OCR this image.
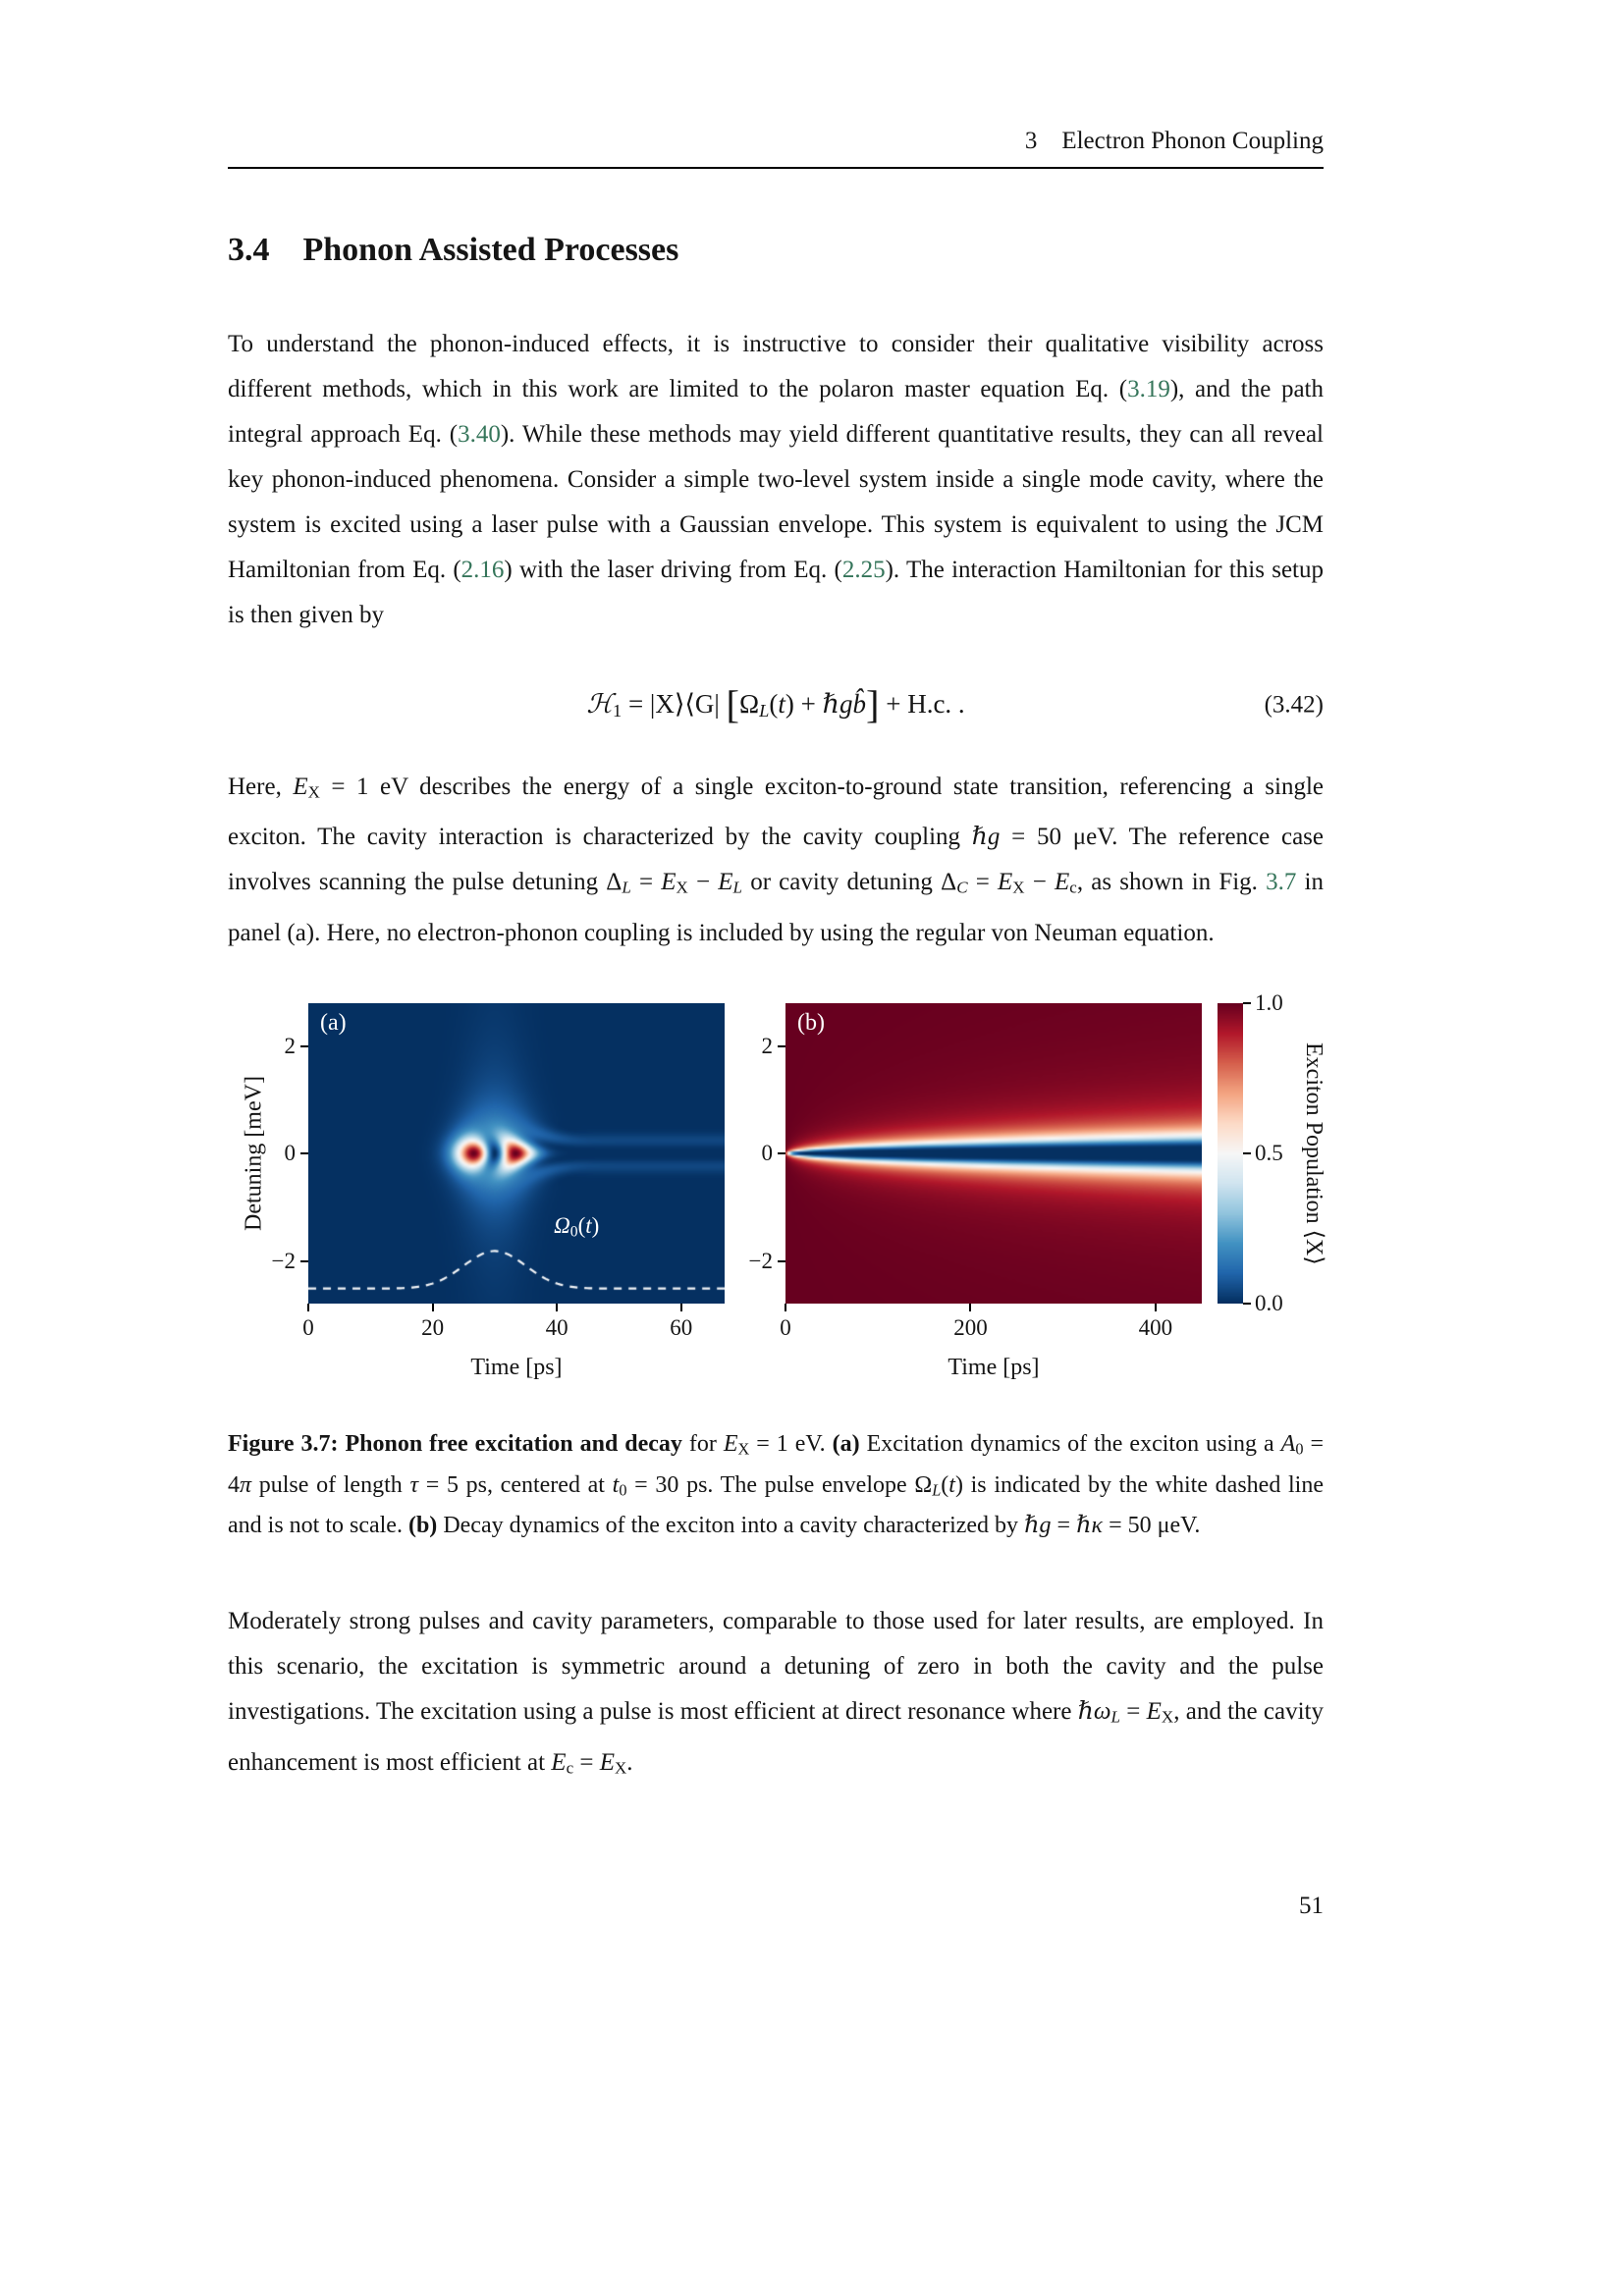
3 Electron Phonon Coupling
3.4 Phonon Assisted Processes

To understand the phonon-induced effects, it is instructive to consider their qualitative visibility across different methods, which in this work are limited to the polaron master equation Eq. (3.19), and the path integral approach Eq. (3.40). While these methods may yield different quantitative results, they can all reveal key phonon-induced phenomena. Consider a simple two-level system inside a single mode cavity, where the system is excited using a laser pulse with a Gaussian envelope. This system is equivalent to using the JCM Hamiltonian from Eq. (2.16) with the laser driving from Eq. (2.25). The interaction Hamiltonian for this setup is then given by

ℋ1 = |X⟩⟨G| [ΩL(t) + ℏgb̂] + H.c. .	(3.42)

Here, EX = 1 eV describes the energy of a single exciton-to-ground state transition, referencing a single exciton. The cavity interaction is characterized by the cavity coupling ℏg = 50 μeV. The reference case involves scanning the pulse detuning ΔL = EX − EL or cavity detuning ΔC = EX − Ec, as shown in Fig. 3.7 in panel (a). Here, no electron-phonon coupling is included by using the regular von Neuman equation.

Detuning [meV]
(a)
Ω0(t)
0	20	40	60
2
0
−2
Time [ps]
(b)
0	200	400
2
0
−2
Time [ps]
1.0
0.5
0.0
Exciton Population ⟨X⟩

Figure 3.7: Phonon free excitation and decay for EX = 1 eV. (a) Excitation dynamics of the exciton using a A0 = 4π pulse of length τ = 5 ps, centered at t0 = 30 ps. The pulse envelope ΩL(t) is indicated by the white dashed line and is not to scale. (b) Decay dynamics of the exciton into a cavity characterized by ℏg = ℏκ = 50 μeV.

Moderately strong pulses and cavity parameters, comparable to those used for later results, are employed. In this scenario, the excitation is symmetric around a detuning of zero in both the cavity and the pulse investigations. The excitation using a pulse is most efficient at direct resonance where ℏωL = EX, and the cavity enhancement is most efficient at Ec = EX.

51
